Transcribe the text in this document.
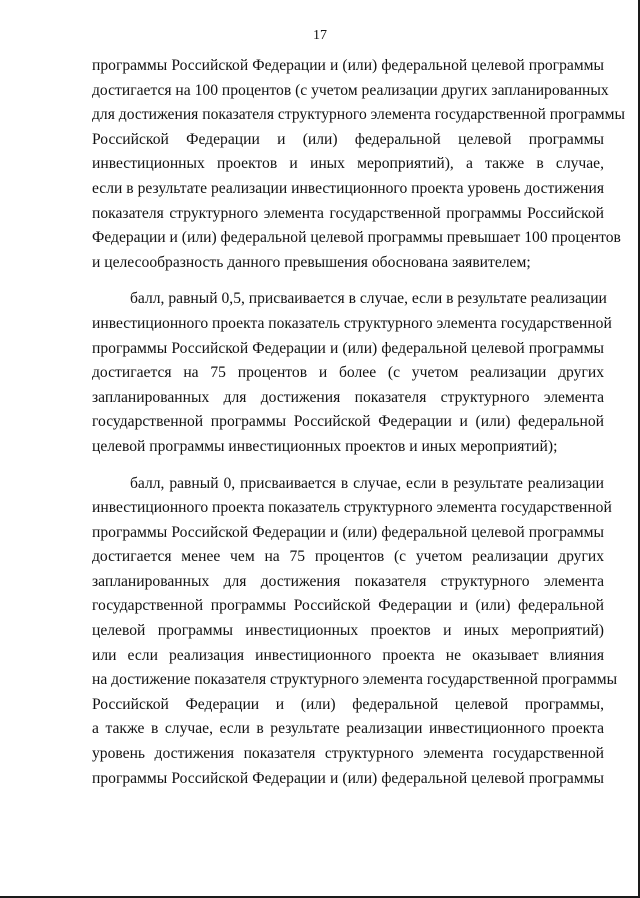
17
программы Российской Федерации и (или) федеральной целевой программы
достигается на 100 процентов (с учетом реализации других запланированных
для достижения показателя структурного элемента государственной программы
Российской Федерации и (или) федеральной целевой программы
инвестиционных проектов и иных мероприятий), а также в случае,
если в результате реализации инвестиционного проекта уровень достижения
показателя структурного элемента государственной программы Российской
Федерации и (или) федеральной целевой программы превышает 100 процентов
и целесообразность данного превышения обоснована заявителем;
балл, равный 0,5, присваивается в случае, если в результате реализации
инвестиционного проекта показатель структурного элемента государственной
программы Российской Федерации и (или) федеральной целевой программы
достигается на 75 процентов и более (с учетом реализации других
запланированных для достижения показателя структурного элемента
государственной программы Российской Федерации и (или) федеральной
целевой программы инвестиционных проектов и иных мероприятий);
балл, равный 0, присваивается в случае, если в результате реализации
инвестиционного проекта показатель структурного элемента государственной
программы Российской Федерации и (или) федеральной целевой программы
достигается менее чем на 75 процентов (с учетом реализации других
запланированных для достижения показателя структурного элемента
государственной программы Российской Федерации и (или) федеральной
целевой программы инвестиционных проектов и иных мероприятий)
или если реализация инвестиционного проекта не оказывает влияния
на достижение показателя структурного элемента государственной программы
Российской Федерации и (или) федеральной целевой программы,
а также в случае, если в результате реализации инвестиционного проекта
уровень достижения показателя структурного элемента государственной
программы Российской Федерации и (или) федеральной целевой программы
